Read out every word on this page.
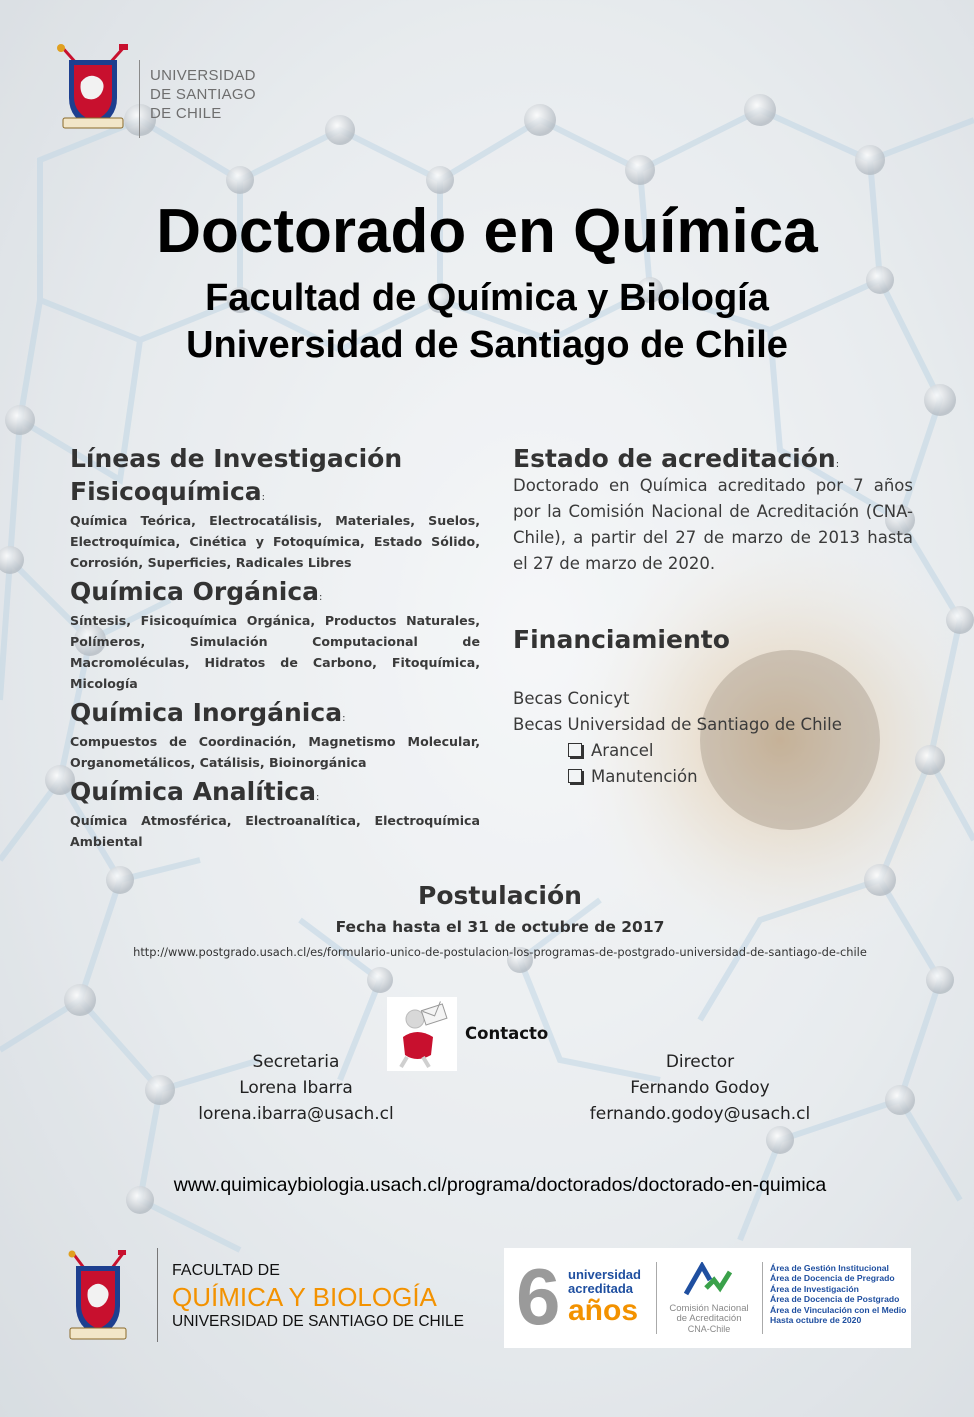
UNIVERSIDAD
DE SANTIAGO
DE CHILE
Doctorado en Química
Facultad de Química y Biología
Universidad de Santiago de Chile
Líneas de Investigación
Fisicoquímica:
Química Teórica, Electrocatálisis, Materiales, Suelos, Electroquímica, Cinética y Fotoquímica, Estado Sólido, Corrosión, Superficies, Radicales Libres
Química Orgánica:
Síntesis, Fisicoquímica Orgánica, Productos Naturales, Polímeros, Simulación Computacional de Macromoléculas, Hidratos de Carbono, Fitoquímica, Micología
Química Inorgánica:
Compuestos de Coordinación, Magnetismo Molecular, Organometálicos, Catálisis, Bioinorgánica
Química Analítica:
Química Atmosférica, Electroanalítica, Electroquímica Ambiental
Estado de acreditación:
Doctorado en Química acreditado por 7 años por la Comisión Nacional de Acreditación (CNA- Chile), a partir del 27 de marzo de 2013 hasta el 27 de marzo de 2020.
Financiamiento
Becas Conicyt
Becas Universidad de Santiago de Chile
Arancel
Manutención
Postulación
Fecha hasta el 31 de octubre de 2017
http://www.postgrado.usach.cl/es/formulario-unico-de-postulacion-los-programas-de-postgrado-universidad-de-santiago-de-chile
Contacto
Secretaria
Lorena Ibarra
lorena.ibarra@usach.cl
Director
Fernando Godoy
fernando.godoy@usach.cl
www.quimicaybiologia.usach.cl/programa/doctorados/doctorado-en-quimica
FACULTAD DE
QUÍMICA Y BIOLOGÍA
UNIVERSIDAD DE SANTIAGO DE CHILE 6 universidad
acreditada
años	Comisión Nacional
de Acreditación
CNA-Chile
Área de Gestión Institucional
Área de Docencia de Pregrado
Área de Investigación
Área de Docencia de Postgrado
Área de Vinculación con el Medio
Hasta octubre de 2020
